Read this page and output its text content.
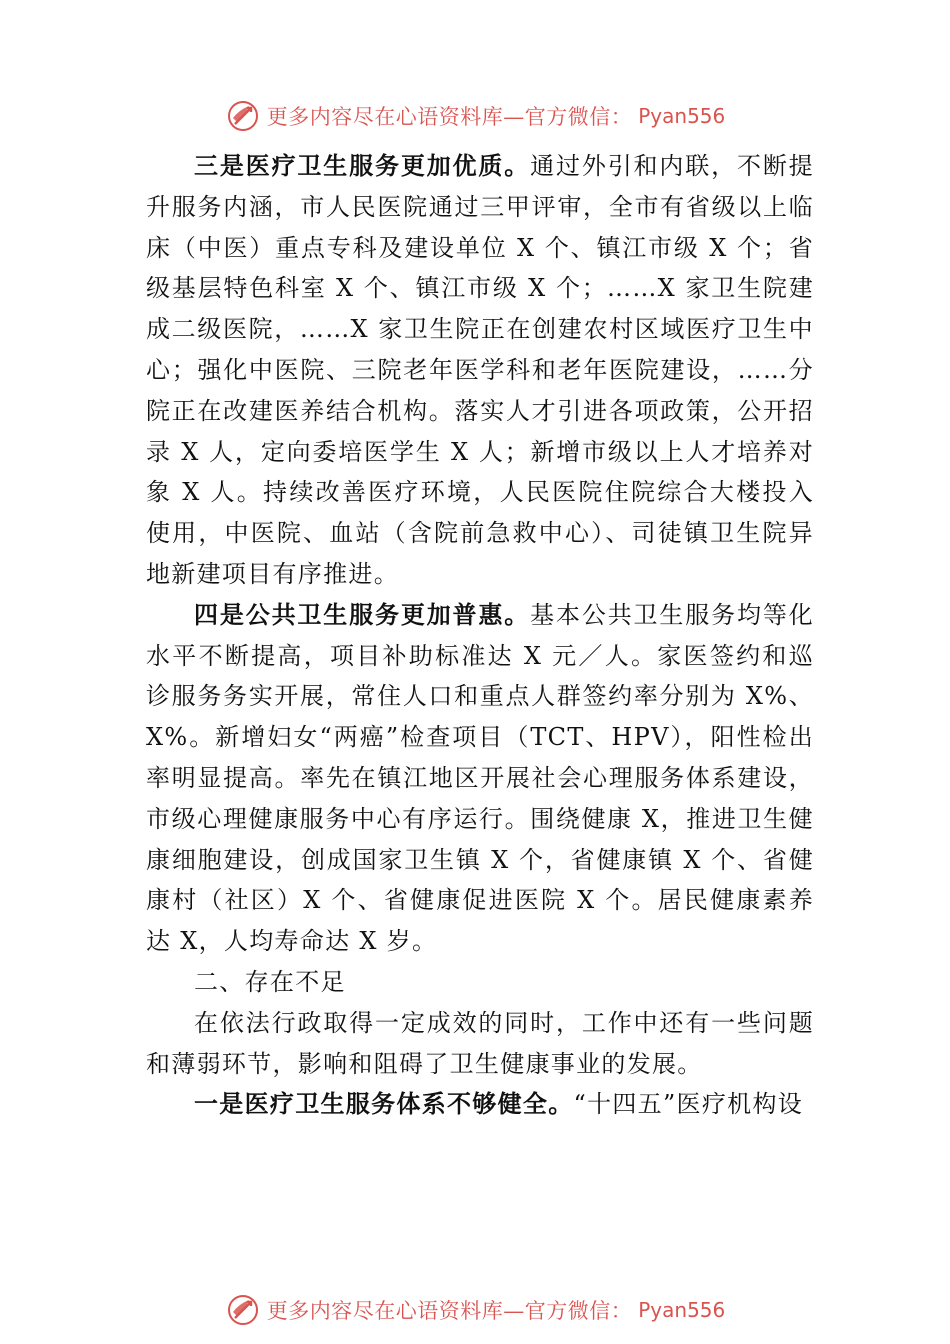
更多内容尽在心语资料库—官方微信： Pyan556

三是医疗卫生服务更加优质。通过外引和内联，不断提升服务内涵，市人民医院通过三甲评审，全市有省级以上临床（中医）重点专科及建设单位 X 个、镇江市级 X 个；省级基层特色科室 X 个、镇江市级 X 个；……X 家卫生院建成二级医院，……X 家卫生院正在创建农村区域医疗卫生中心；强化中医院、三院老年医学科和老年医院建设，……分院正在改建医养结合机构。落实人才引进各项政策，公开招录 X 人，定向委培医学生 X 人；新增市级以上人才培养对象 X 人。持续改善医疗环境，人民医院住院综合大楼投入使用，中医院、血站（含院前急救中心）、司徒镇卫生院异地新建项目有序推进。

四是公共卫生服务更加普惠。基本公共卫生服务均等化水平不断提高，项目补助标准达 X 元／人。家医签约和巡诊服务务实开展，常住人口和重点人群签约率分别为 X%、X%。新增妇女“两癌”检查项目（TCT、HPV），阳性检出率明显提高。率先在镇江地区开展社会心理服务体系建设，市级心理健康服务中心有序运行。围绕健康 X，推进卫生健康细胞建设，创成国家卫生镇 X 个，省健康镇 X 个、省健康村（社区）X 个、省健康促进医院 X 个。居民健康素养达 X，人均寿命达 X 岁。

二、存在不足

在依法行政取得一定成效的同时，工作中还有一些问题和薄弱环节，影响和阻碍了卫生健康事业的发展。

一是医疗卫生服务体系不够健全。“十四五”医疗机构设

更多内容尽在心语资料库—官方微信： Pyan556
